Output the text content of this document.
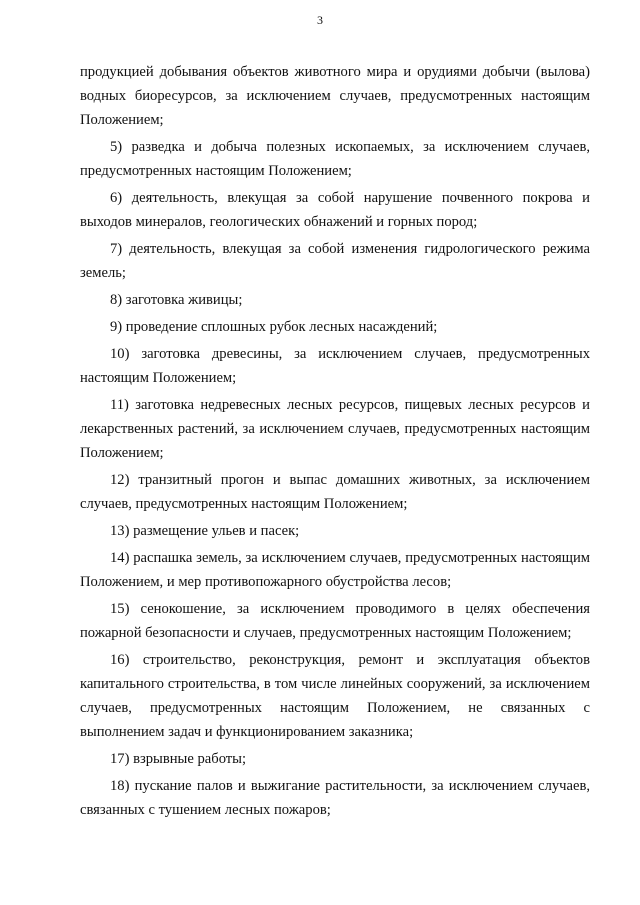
3

продукцией добывания объектов животного мира и орудиями добычи (вылова) водных биоресурсов, за исключением случаев, предусмотренных настоящим Положением;

5) разведка и добыча полезных ископаемых, за исключением случаев, предусмотренных настоящим Положением;

6) деятельность, влекущая за собой нарушение почвенного покрова и выходов минералов, геологических обнажений и горных пород;

7) деятельность, влекущая за собой изменения гидрологического режима земель;

8) заготовка живицы;

9) проведение сплошных рубок лесных насаждений;

10) заготовка древесины, за исключением случаев, предусмотренных настоящим Положением;

11) заготовка недревесных лесных ресурсов, пищевых лесных ресурсов и лекарственных растений, за исключением случаев, предусмотренных настоящим Положением;

12) транзитный прогон и выпас домашних животных, за исключением случаев, предусмотренных настоящим Положением;

13) размещение ульев и пасек;

14) распашка земель, за исключением случаев, предусмотренных настоящим Положением, и мер противопожарного обустройства лесов;

15) сенокошение, за исключением проводимого в целях обеспечения пожарной безопасности и случаев, предусмотренных настоящим Положением;

16) строительство, реконструкция, ремонт и эксплуатация объектов капитального строительства, в том числе линейных сооружений, за исключением случаев, предусмотренных настоящим Положением, не связанных с выполнением задач и функционированием заказника;

17) взрывные работы;

18) пускание палов и выжигание растительности, за исключением случаев, связанных с тушением лесных пожаров;
